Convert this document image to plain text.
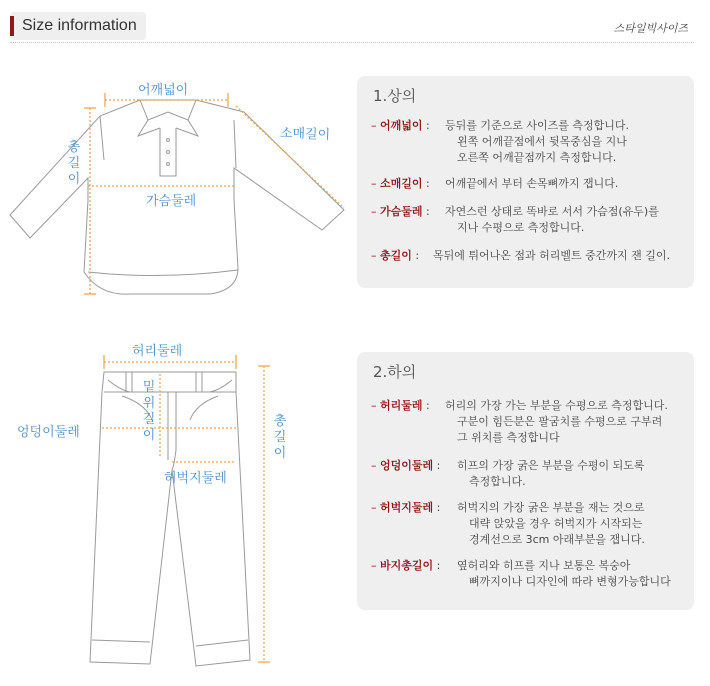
Size information	스타일빅사이즈
어깨넓이
소매길이
총
길
이
가슴둘레
허리둘레
밑
위
길
이
엉덩이둘레
허벅지둘레
총
길
이
1.상의
– 어깨넓이 : 등뒤를 기준으로 사이즈를 측정합니다.
왼쪽 어깨끝점에서 뒷목중심을 지나
오른쪽 어깨끝점까지 측정합니다.
– 소매길이 : 어깨끝에서 부터 손목뼈까지 잽니다.
– 가슴둘레 : 자연스런 상태로 똑바로 서서 가슴점(유두)를
지나 수평으로 측정합니다.
– 총길이 : 목뒤에 튀어나온 점과 허리벨트 중간까지 잰 길이.
2.하의
– 허리둘레 : 허리의 가장 가는 부분을 수평으로 측정합니다.
구분이 힘든분은 팔굼치를 수평으로 구부려
그 위치를 측정합니다
– 엉덩이둘레 : 히프의 가장 굵은 부분을 수평이 되도록
측정합니다.
– 허벅지둘레 : 허벅지의 가장 굵은 부분을 재는 것으로
대략 앉았을 경우 허벅지가 시작되는
경계선으로 3cm 아래부분을 잽니다.
– 바지총길이 : 옆허리와 히프를 지나 보통은 복숭아
뼈까지이나 디자인에 따라 변형가능합니다
